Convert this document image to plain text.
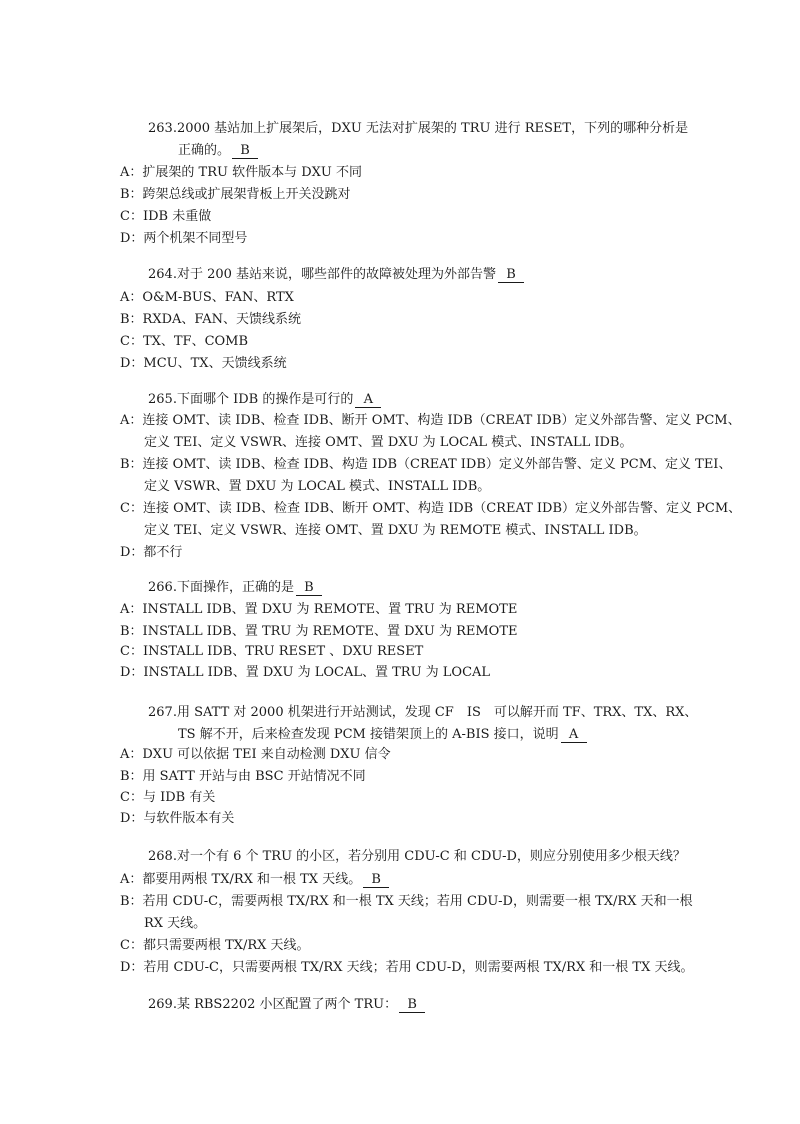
263.2000 基站加上扩展架后，DXU 无法对扩展架的 TRU 进行 RESET，下列的哪种分析是
正确的。 B
A：扩展架的 TRU 软件版本与 DXU 不同
B：跨架总线或扩展架背板上开关没跳对
C：IDB 未重做
D：两个机架不同型号
264.对于 200 基站来说，哪些部件的故障被处理为外部告警 B
A：O&M-BUS、FAN、RTX
B：RXDA、FAN、天馈线系统
C：TX、TF、COMB
D：MCU、TX、天馈线系统
265.下面哪个 IDB 的操作是可行的 A
A：连接 OMT、读 IDB、检查 IDB、断开 OMT、构造 IDB（CREAT IDB）定义外部告警、定义 PCM、
定义 TEI、定义 VSWR、连接 OMT、置 DXU 为 LOCAL 模式、INSTALL IDB。
B：连接 OMT、读 IDB、检查 IDB、构造 IDB（CREAT IDB）定义外部告警、定义 PCM、定义 TEI、
定义 VSWR、置 DXU 为 LOCAL 模式、INSTALL IDB。
C：连接 OMT、读 IDB、检查 IDB、断开 OMT、构造 IDB（CREAT IDB）定义外部告警、定义 PCM、
定义 TEI、定义 VSWR、连接 OMT、置 DXU 为 REMOTE 模式、INSTALL IDB。
D：都不行
266.下面操作，正确的是 B
A：INSTALL IDB、置 DXU 为 REMOTE、置 TRU 为 REMOTE
B：INSTALL IDB、置 TRU 为 REMOTE、置 DXU 为 REMOTE
C：INSTALL IDB、TRU RESET 、DXU RESET
D：INSTALL IDB、置 DXU 为 LOCAL、置 TRU 为 LOCAL
267.用 SATT 对 2000 机架进行开站测试，发现 CF　IS　可以解开而 TF、TRX、TX、RX、
TS 解不开，后来检查发现 PCM 接错架顶上的 A-BIS 接口，说明 A
A：DXU 可以依据 TEI 来自动检测 DXU 信令
B：用 SATT 开站与由 BSC 开站情况不同
C：与 IDB 有关
D：与软件版本有关
268.对一个有 6 个 TRU 的小区，若分别用 CDU-C 和 CDU-D，则应分别使用多少根天线？
A：都要用两根 TX/RX 和一根 TX 天线。 B
B：若用 CDU-C，需要两根 TX/RX 和一根 TX 天线；若用 CDU-D，则需要一根 TX/RX 天和一根
RX 天线。
C：都只需要两根 TX/RX 天线。
D：若用 CDU-C，只需要两根 TX/RX 天线；若用 CDU-D，则需要两根 TX/RX 和一根 TX 天线。
269.某 RBS2202 小区配置了两个 TRU： B
